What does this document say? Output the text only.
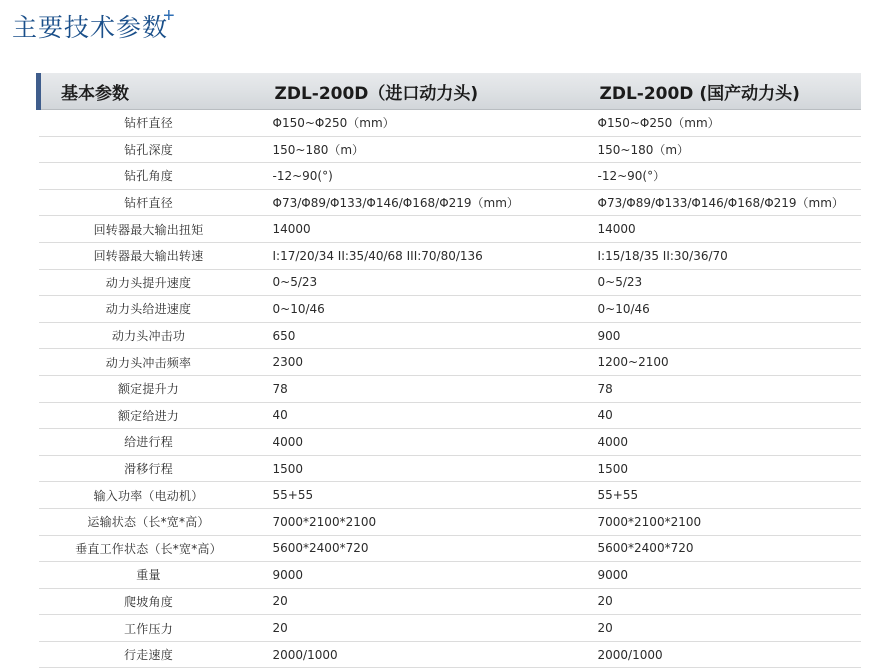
主要技术参数
+
基本参数	ZDL-200D（进口动力头)	ZDL-200D (国产动力头)
钻杆直径	Φ150~Φ250（mm）	Φ150~Φ250（mm）
钻孔深度	150~180（m）	150~180（m）
钻孔角度	-12~90(°)	-12~90(°）
钻杆直径	Φ73/Φ89/Φ133/Φ146/Φ168/Φ219（mm）	Φ73/Φ89/Φ133/Φ146/Φ168/Φ219（mm）
回转器最大输出扭矩	14000	14000
回转器最大输出转速	I:17/20/34 II:35/40/68 III:70/80/136	I:15/18/35 II:30/36/70
动力头提升速度	0~5/23	0~5/23
动力头给进速度	0~10/46	0~10/46
动力头冲击功	650	900
动力头冲击频率	2300	1200~2100
额定提升力	78	78
额定给进力	40	40
给进行程	4000	4000
滑移行程	1500	1500
输入功率（电动机）	55+55	55+55
运输状态（长*宽*高）	7000*2100*2100	7000*2100*2100
垂直工作状态（长*宽*高）	5600*2400*720	5600*2400*720
重量	9000	9000
爬坡角度	20	20
工作压力	20	20
行走速度	2000/1000	2000/1000
